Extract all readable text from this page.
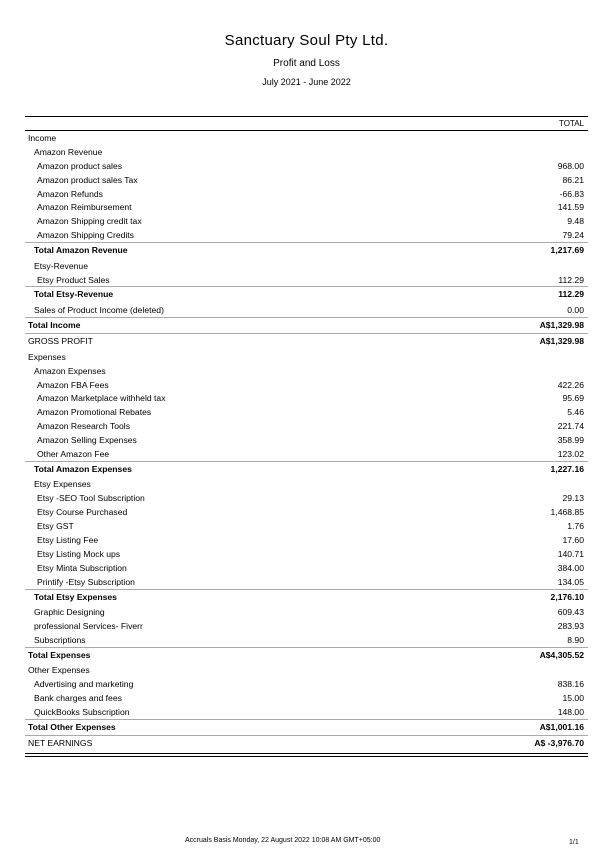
Sanctuary Soul Pty Ltd.
Profit and Loss
July 2021 - June 2022
TOTAL
Income
Amazon Revenue
Amazon product sales	968.00
Amazon product sales Tax	86.21
Amazon Refunds	-66.83
Amazon Reimbursement	141.59
Amazon Shipping credit tax	9.48
Amazon Shipping Credits	79.24
Total Amazon Revenue	1,217.69
Etsy-Revenue
Etsy Product Sales	112.29
Total Etsy-Revenue	112.29
Sales of Product Income (deleted)	0.00
Total Income	A$1,329.98
GROSS PROFIT	A$1,329.98
Expenses
Amazon Expenses
Amazon FBA Fees	422.26
Amazon Marketplace withheld tax	95.69
Amazon Promotional Rebates	5.46
Amazon Research Tools	221.74
Amazon Selling Expenses	358.99
Other Amazon Fee	123.02
Total Amazon Expenses	1,227.16
Etsy Expenses
Etsy -SEO Tool Subscription	29.13
Etsy Course Purchased	1,468.85
Etsy GST	1.76
Etsy Listing Fee	17.60
Etsy Listing Mock ups	140.71
Etsy Minta Subscription	384.00
Printify -Etsy Subscription	134.05
Total Etsy Expenses	2,176.10
Graphic Designing	609.43
professional Services- Fiverr	283.93
Subscriptions	8.90
Total Expenses	A$4,305.52
Other Expenses
Advertising and marketing	838.16
Bank charges and fees	15.00
QuickBooks Subscription	148.00
Total Other Expenses	A$1,001.16
NET EARNINGS	A$ -3,976.70
Accruals Basis Monday, 22 August 2022 10:08 AM GMT+05:00	1/1
